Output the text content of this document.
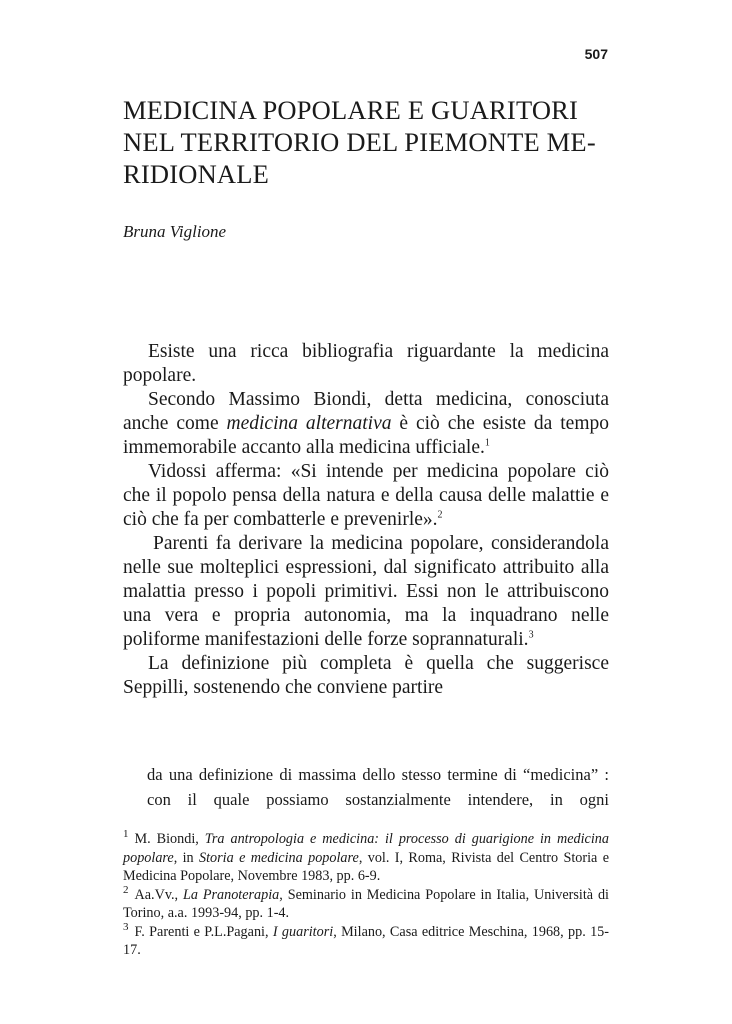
507
MEDICINA POPOLARE E GUARITORI
NEL TERRITORIO DEL PIEMONTE ME-
RIDIONALE
Bruna Viglione

Esiste una ricca bibliografia riguardante la medicina popolare.

Secondo Massimo Biondi, detta medicina, conosciuta anche come medicina alternativa è ciò che esiste da tempo immemorabile accanto alla medicina ufficiale.$^1$

Vidossi afferma: «Si intende per medicina popolare ciò che il popolo pensa della natura e della causa delle malattie e ciò che fa per combatterle e prevenirle».$^2$

Parenti fa derivare la medicina popolare, considerandola nelle sue molteplici espressioni, dal significato attribuito alla malattia presso i popoli primitivi. Essi non le attribuiscono una vera e propria autonomia, ma la inquadrano nelle poliforme manifestazioni delle forze soprannaturali.$^3$

La definizione più completa è quella che suggerisce Seppilli, sostenendo che conviene partire

da una definizione di massima dello stesso termine di “medicina” : con il quale possiamo sostanzialmente intendere, in ogni

$^1$ M. Biondi, Tra antropologia e medicina: il processo di guarigione in medicina popolare, in Storia e medicina popolare, vol. I, Roma, Rivista del Centro Storia e Medicina Popolare, Novembre 1983, pp. 6-9.

$^2$ Aa.Vv., La Pranoterapia, Seminario in Medicina Popolare in Italia, Università di Torino, a.a. 1993-94, pp. 1-4.

$^3$ F. Parenti e P.L.Pagani, I guaritori, Milano, Casa editrice Meschina, 1968, pp. 15-17.
